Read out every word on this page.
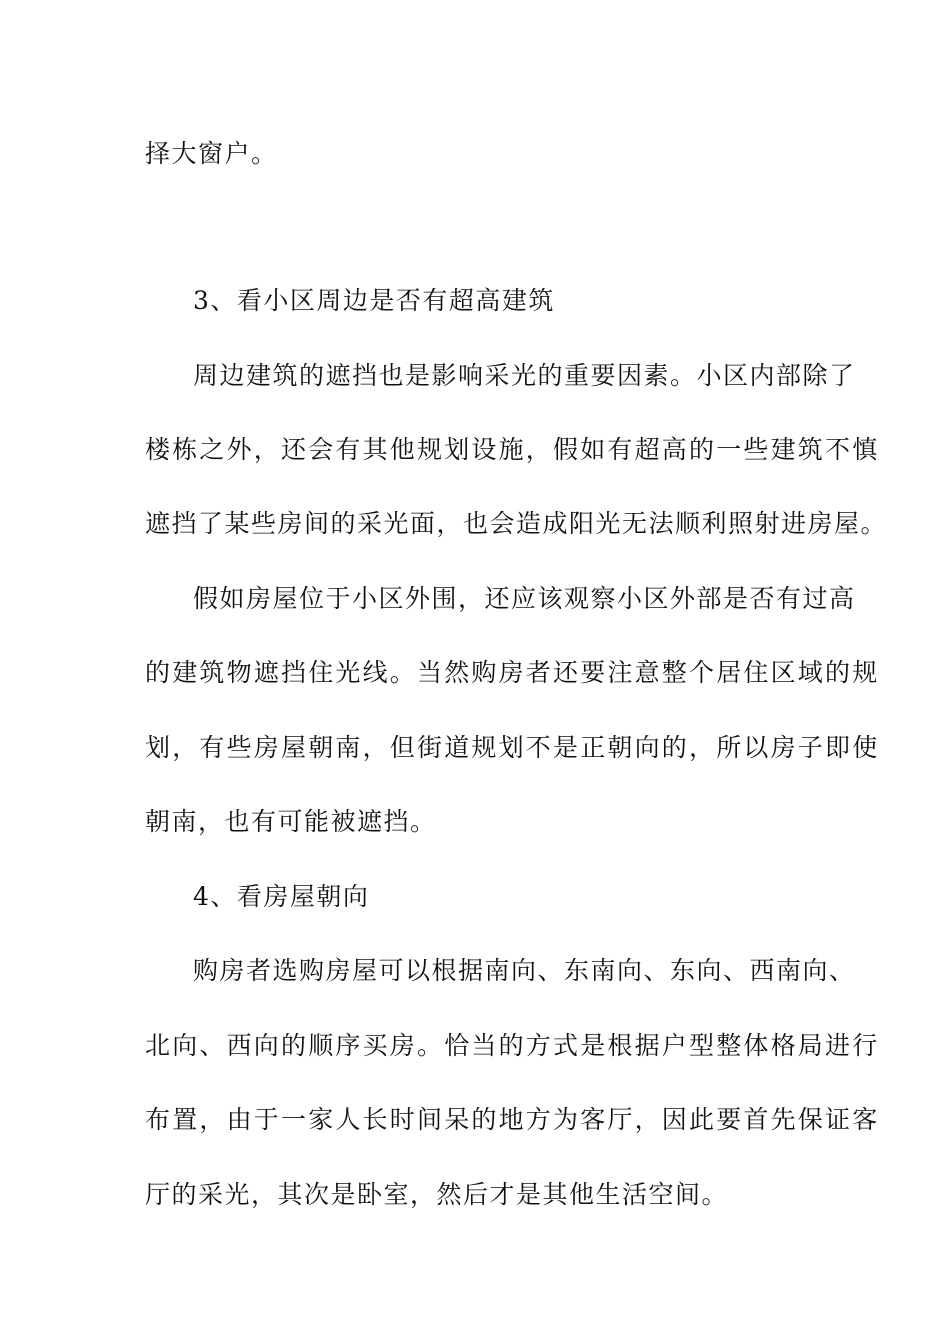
择大窗户。
3、看小区周边是否有超高建筑
周边建筑的遮挡也是影响采光的重要因素。小区内部除了
楼栋之外，还会有其他规划设施，假如有超高的一些建筑不慎
遮挡了某些房间的采光面，也会造成阳光无法顺利照射进房屋。
假如房屋位于小区外围，还应该观察小区外部是否有过高
的建筑物遮挡住光线。当然购房者还要注意整个居住区域的规
划，有些房屋朝南，但街道规划不是正朝向的，所以房子即使
朝南，也有可能被遮挡。
4、看房屋朝向
购房者选购房屋可以根据南向、东南向、东向、西南向、
北向、西向的顺序买房。恰当的方式是根据户型整体格局进行
布置，由于一家人长时间呆的地方为客厅，因此要首先保证客
厅的采光，其次是卧室，然后才是其他生活空间。
